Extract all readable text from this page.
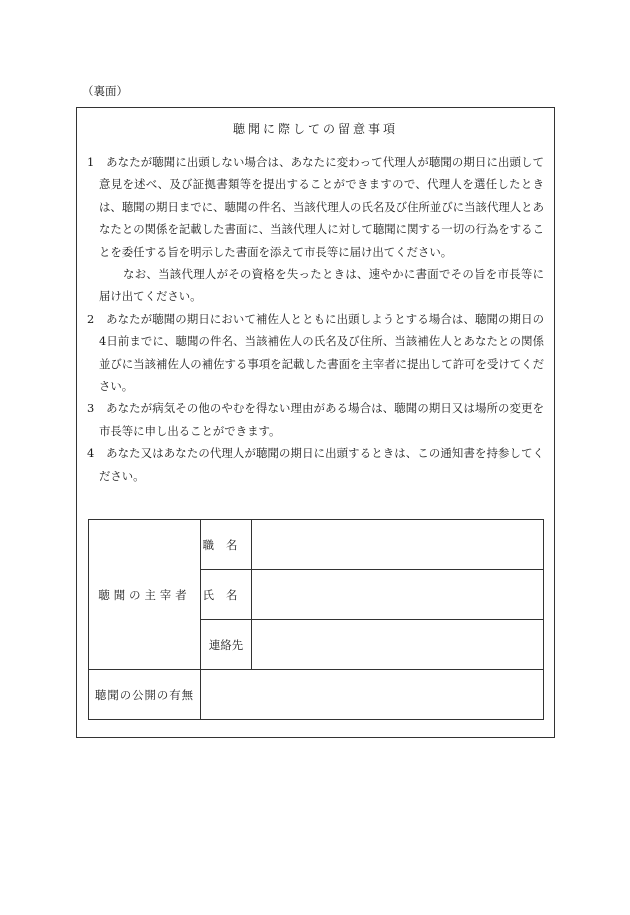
（裏面）
聴聞に際しての留意事項
1 あなたが聴聞に出頭しない場合は、あなたに変わって代理人が聴聞の期日に出頭して意見を述べ、及び証拠書類等を提出することができますので、代理人を選任したときは、聴聞の期日までに、聴聞の件名、当該代理人の氏名及び住所並びに当該代理人とあなたとの関係を記載した書面に、当該代理人に対して聴聞に関する一切の行為をすることを委任する旨を明示した書面を添えて市長等に届け出てください。
なお、当該代理人がその資格を失ったときは、速やかに書面でその旨を市長等に届け出てください。
2 あなたが聴聞の期日において補佐人とともに出頭しようとする場合は、聴聞の期日の4日前までに、聴聞の件名、当該補佐人の氏名及び住所、当該補佐人とあなたとの関係並びに当該補佐人の補佐する事項を記載した書面を主宰者に提出して許可を受けてください。
3 あなたが病気その他のやむを得ない理由がある場合は、聴聞の期日又は場所の変更を市長等に申し出ることができます。
4 あなた又はあなたの代理人が聴聞の期日に出頭するときは、この通知書を持参してください。
聴聞の主宰者	職名	
	氏名	
	連絡先	
聴聞の公開の有無		
